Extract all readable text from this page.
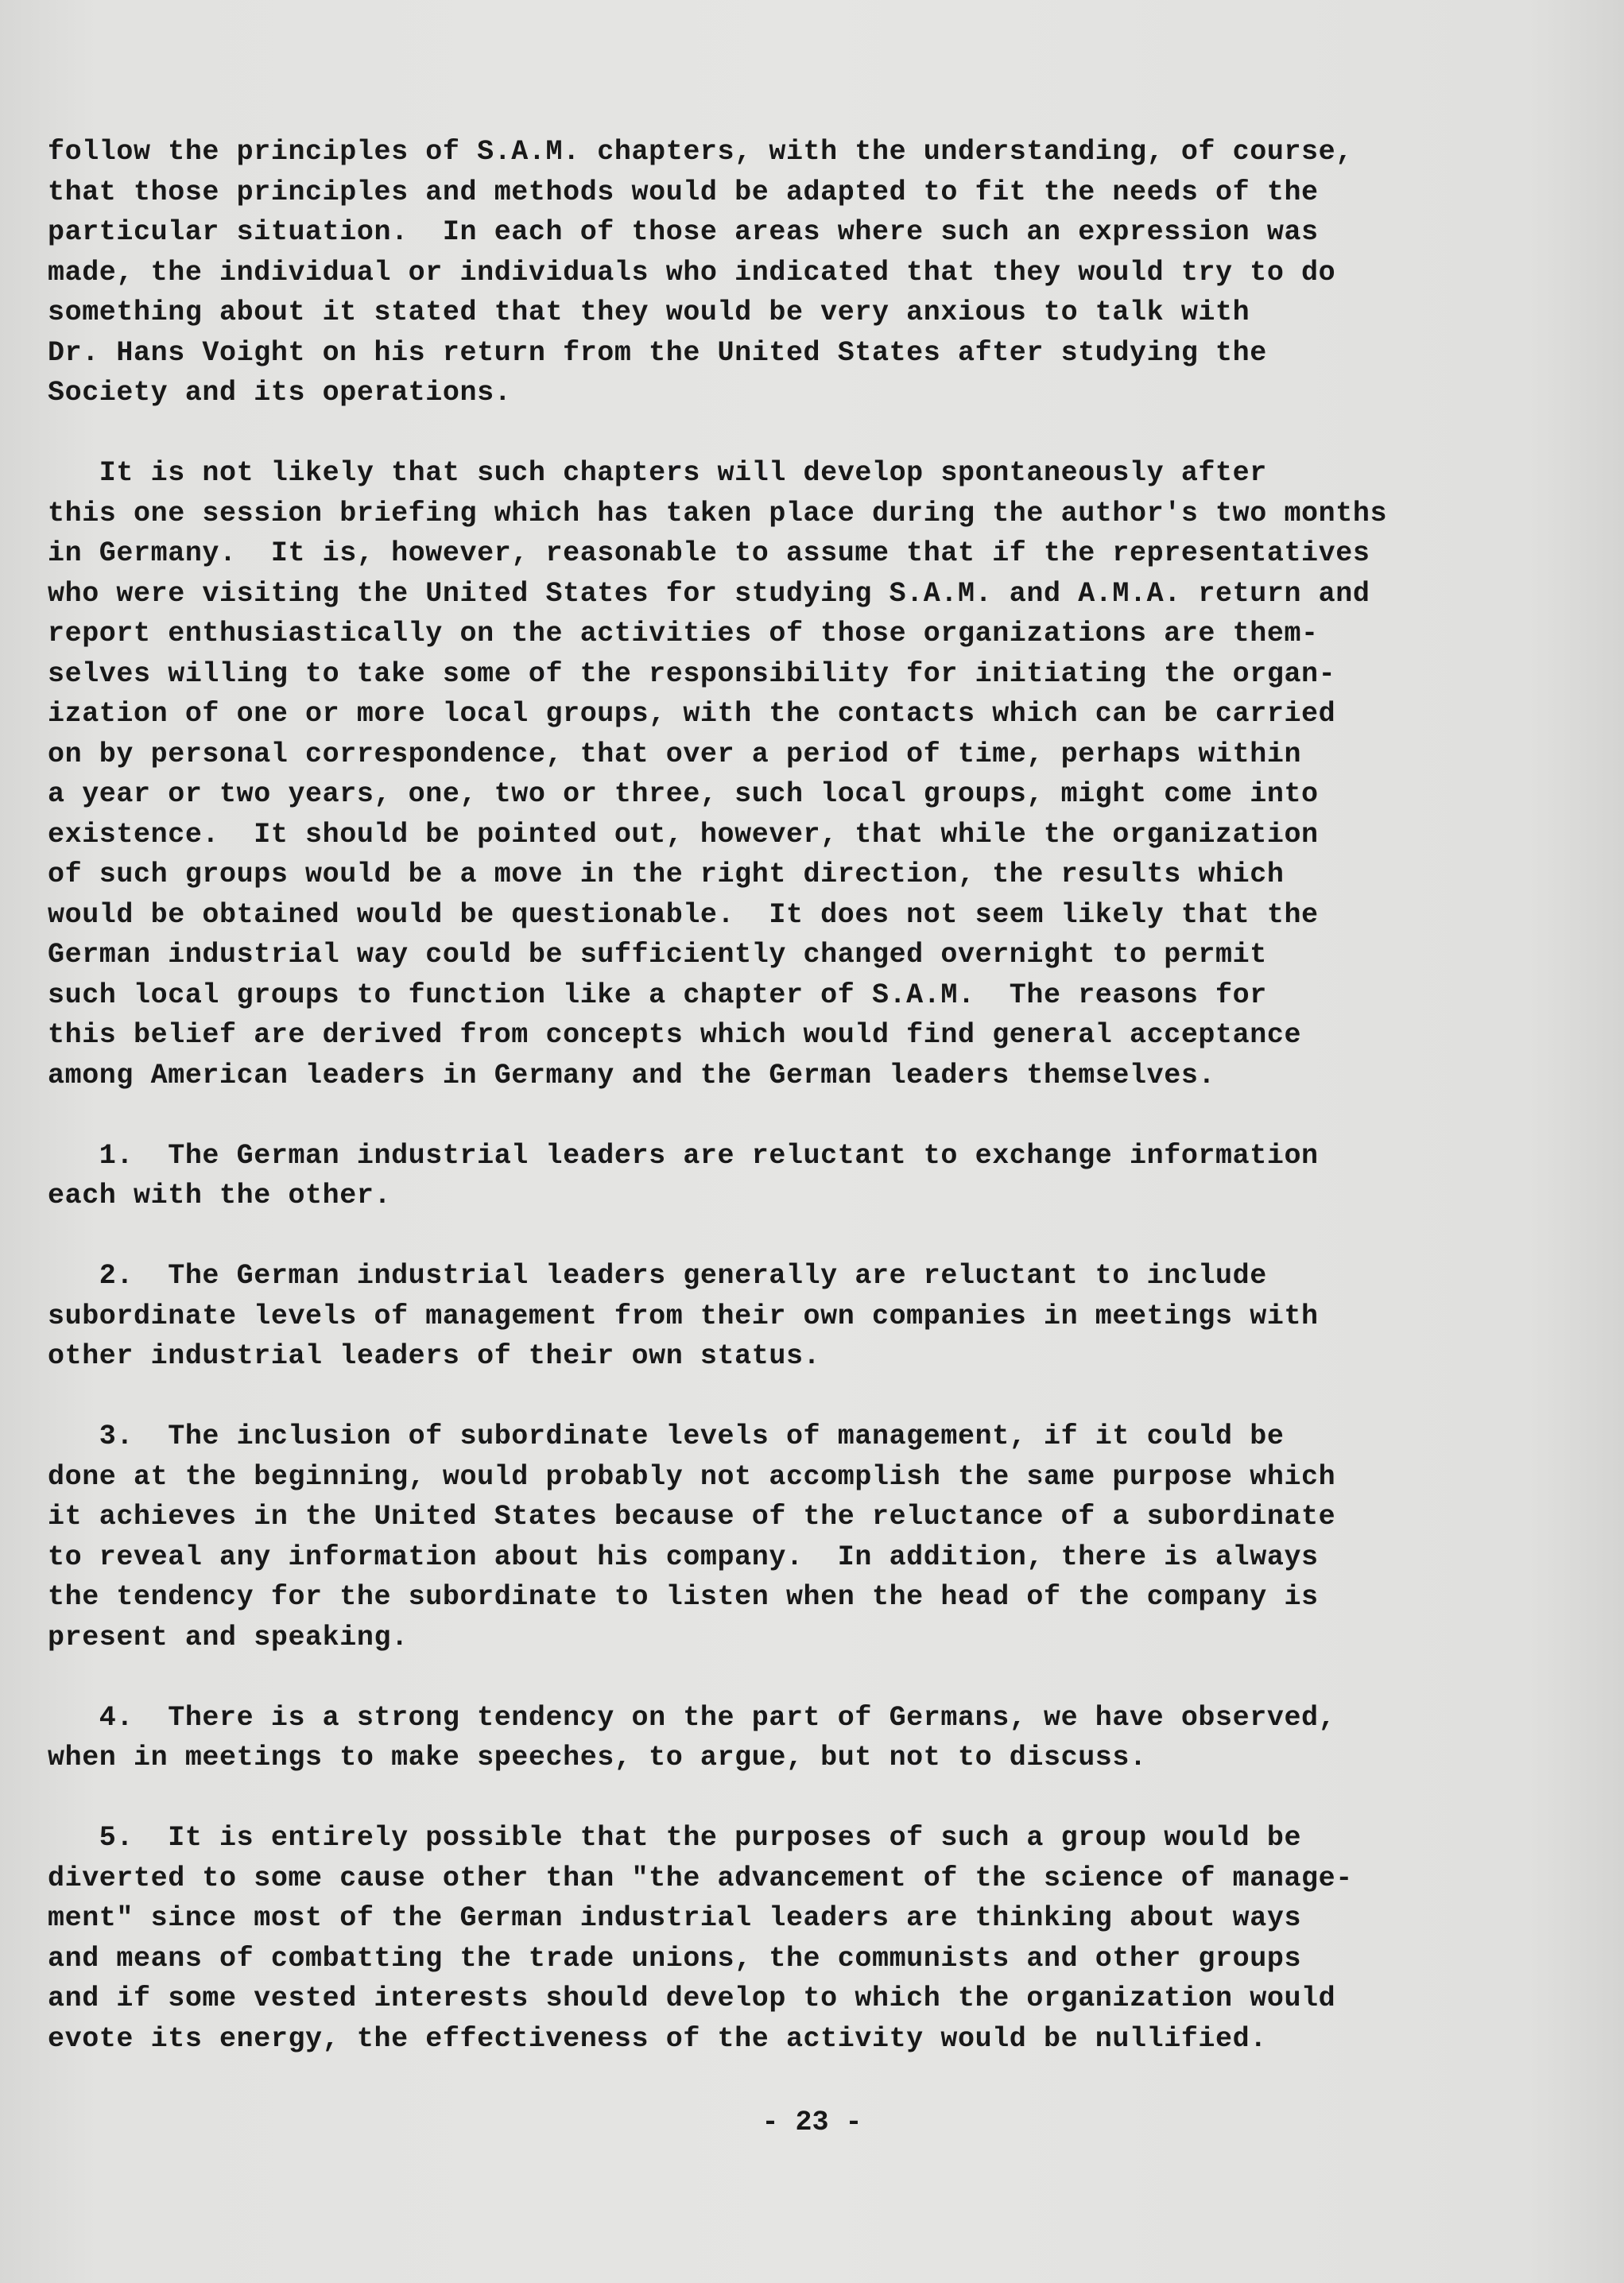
follow the principles of S.A.M. chapters, with the understanding, of course,
that those principles and methods would be adapted to fit the needs of the
particular situation.  In each of those areas where such an expression was
made, the individual or individuals who indicated that they would try to do
something about it stated that they would be very anxious to talk with
Dr. Hans Voight on his return from the United States after studying the
Society and its operations.
It is not likely that such chapters will develop spontaneously after
this one session briefing which has taken place during the author's two months
in Germany.  It is, however, reasonable to assume that if the representatives
who were visiting the United States for studying S.A.M. and A.M.A. return and
report enthusiastically on the activities of those organizations are them-
selves willing to take some of the responsibility for initiating the organ-
ization of one or more local groups, with the contacts which can be carried
on by personal correspondence, that over a period of time, perhaps within
a year or two years, one, two or three, such local groups, might come into
existence.  It should be pointed out, however, that while the organization
of such groups would be a move in the right direction, the results which
would be obtained would be questionable.  It does not seem likely that the
German industrial way could be sufficiently changed overnight to permit
such local groups to function like a chapter of S.A.M.  The reasons for
this belief are derived from concepts which would find general acceptance
among American leaders in Germany and the German leaders themselves.
1.  The German industrial leaders are reluctant to exchange information
each with the other.
2.  The German industrial leaders generally are reluctant to include
subordinate levels of management from their own companies in meetings with
other industrial leaders of their own status.
3.  The inclusion of subordinate levels of management, if it could be
done at the beginning, would probably not accomplish the same purpose which
it achieves in the United States because of the reluctance of a subordinate
to reveal any information about his company.  In addition, there is always
the tendency for the subordinate to listen when the head of the company is
present and speaking.
4.  There is a strong tendency on the part of Germans, we have observed,
when in meetings to make speeches, to argue, but not to discuss.
5.  It is entirely possible that the purposes of such a group would be
diverted to some cause other than "the advancement of the science of manage-
ment" since most of the German industrial leaders are thinking about ways
and means of combatting the trade unions, the communists and other groups
and if some vested interests should develop to which the organization would
evote its energy, the effectiveness of the activity would be nullified.
- 23 -
